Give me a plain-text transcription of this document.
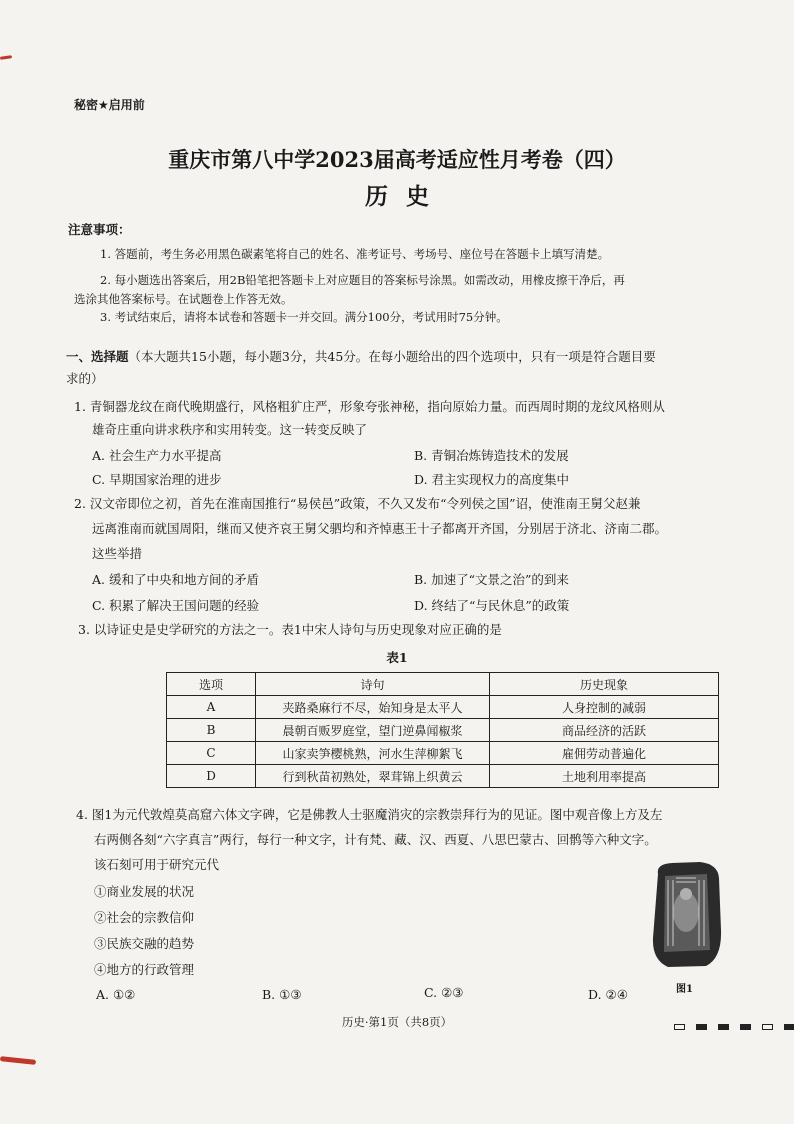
秘密★启用前
重庆市第八中学2023届高考适应性月考卷（四）
历史
注意事项：
1. 答题前，考生务必用黑色碳素笔将自己的姓名、准考证号、考场号、座位号在答题卡上填写清楚。
2. 每小题选出答案后，用2B铅笔把答题卡上对应题目的答案标号涂黑。如需改动，用橡皮擦干净后，再
选涂其他答案标号。在试题卷上作答无效。
3. 考试结束后，请将本试卷和答题卡一并交回。满分100分，考试用时75分钟。
一、选择题（本大题共15小题，每小题3分，共45分。在每小题给出的四个选项中，只有一项是符合题目要
求的）
1. 青铜器龙纹在商代晚期盛行，风格粗犷庄严，形象夸张神秘，指向原始力量。而西周时期的龙纹风格则从
雄奇庄重向讲求秩序和实用转变。这一转变反映了
A. 社会生产力水平提高	B. 青铜冶炼铸造技术的发展
C. 早期国家治理的进步	D. 君主实现权力的高度集中
2. 汉文帝即位之初，首先在淮南国推行“易侯邑”政策，不久又发布“令列侯之国”诏，使淮南王舅父赵兼
远离淮南而就国周阳，继而又使齐哀王舅父驷均和齐悼惠王十子都离开齐国，分别居于济北、济南二郡。
这些举措
A. 缓和了中央和地方间的矛盾	B. 加速了“文景之治”的到来
C. 积累了解决王国问题的经验	D. 终结了“与民休息”的政策
3. 以诗证史是史学研究的方法之一。表1中宋人诗句与历史现象对应正确的是
表1
选项	诗句	历史现象
A	夹路桑麻行不尽，始知身是太平人	人身控制的减弱
B	晨朝百贩罗庭堂，望门逆鼻闻椒浆	商品经济的活跃
C	山家卖笋樱桃熟，河水生萍柳絮飞	雇佣劳动普遍化
D	行到秋苗初熟处，翠茸锦上织黄云	土地利用率提高
4. 图1为元代敦煌莫高窟六体文字碑，它是佛教人士驱魔消灾的宗教崇拜行为的见证。图中观音像上方及左
右两侧各刻“六字真言”两行，每行一种文字，计有梵、藏、汉、西夏、八思巴蒙古、回鹘等六种文字。
该石刻可用于研究元代
①商业发展的状况
②社会的宗教信仰
③民族交融的趋势
④地方的行政管理
A. ①②	B. ①③	C. ②③	D. ②④	图1
历史·第1页（共8页）
